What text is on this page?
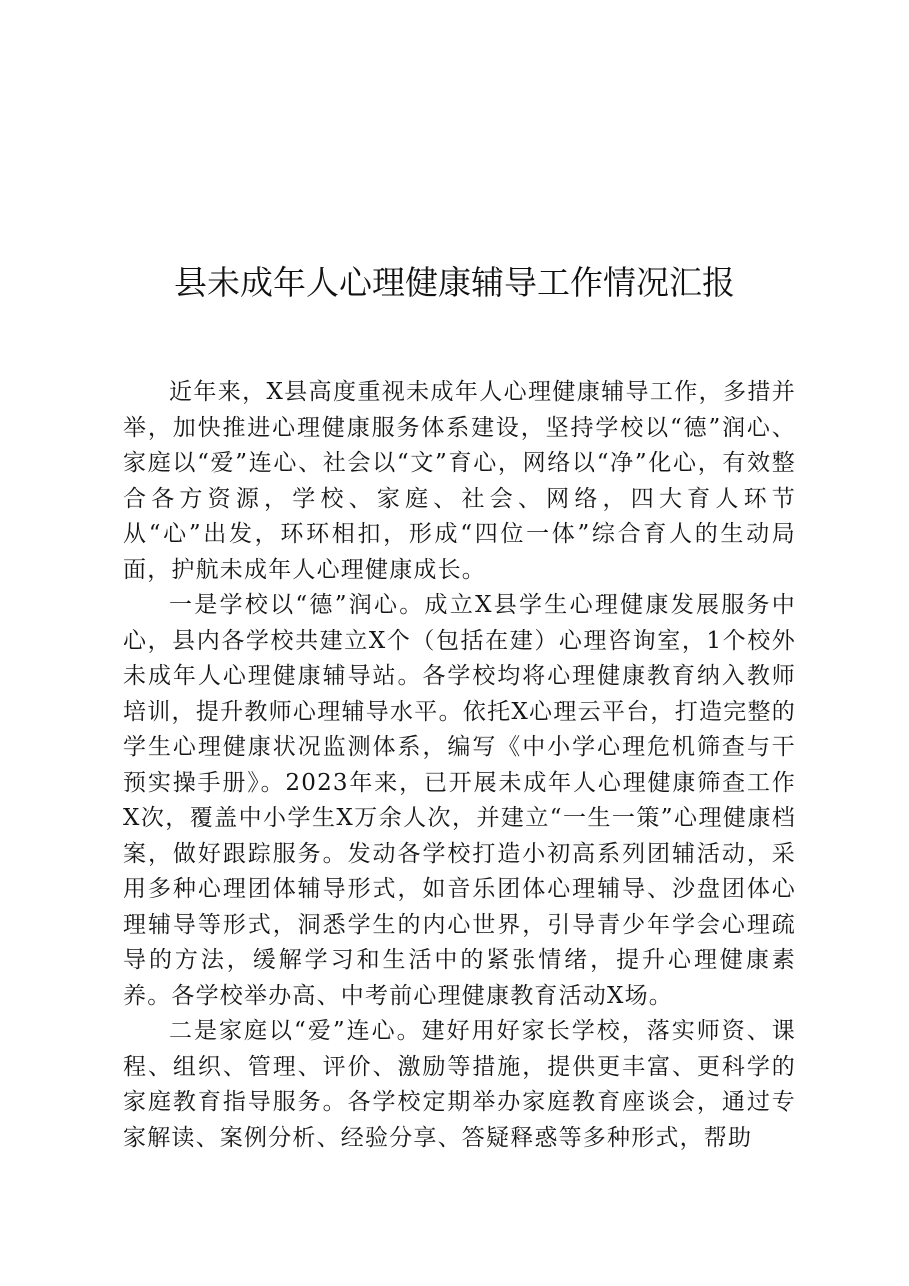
县未成年人心理健康辅导工作情况汇报

近年来，X县高度重视未成年人心理健康辅导工作，多措并举，加快推进心理健康服务体系建设，坚持学校以“德”润心、家庭以“爱”连心、社会以“文”育心，网络以“净”化心，有效整合各方资源，学校、家庭、社会、网络，四大育人环节从“心”出发，环环相扣，形成“四位一体”综合育人的生动局面，护航未成年人心理健康成长。

一是学校以“德”润心。成立X县学生心理健康发展服务中心，县内各学校共建立X个（包括在建）心理咨询室，1个校外未成年人心理健康辅导站。各学校均将心理健康教育纳入教师培训，提升教师心理辅导水平。依托X心理云平台，打造完整的学生心理健康状况监测体系，编写《中小学心理危机筛查与干预实操手册》。2023年来，已开展未成年人心理健康筛查工作X次，覆盖中小学生X万余人次，并建立“一生一策”心理健康档案，做好跟踪服务。发动各学校打造小初高系列团辅活动，采用多种心理团体辅导形式，如音乐团体心理辅导、沙盘团体心理辅导等形式，洞悉学生的内心世界，引导青少年学会心理疏导的方法，缓解学习和生活中的紧张情绪，提升心理健康素养。各学校举办高、中考前心理健康教育活动X场。

二是家庭以“爱”连心。建好用好家长学校，落实师资、课程、组织、管理、评价、激励等措施，提供更丰富、更科学的家庭教育指导服务。各学校定期举办家庭教育座谈会，通过专家解读、案例分析、经验分享、答疑释惑等多种形式，帮助
